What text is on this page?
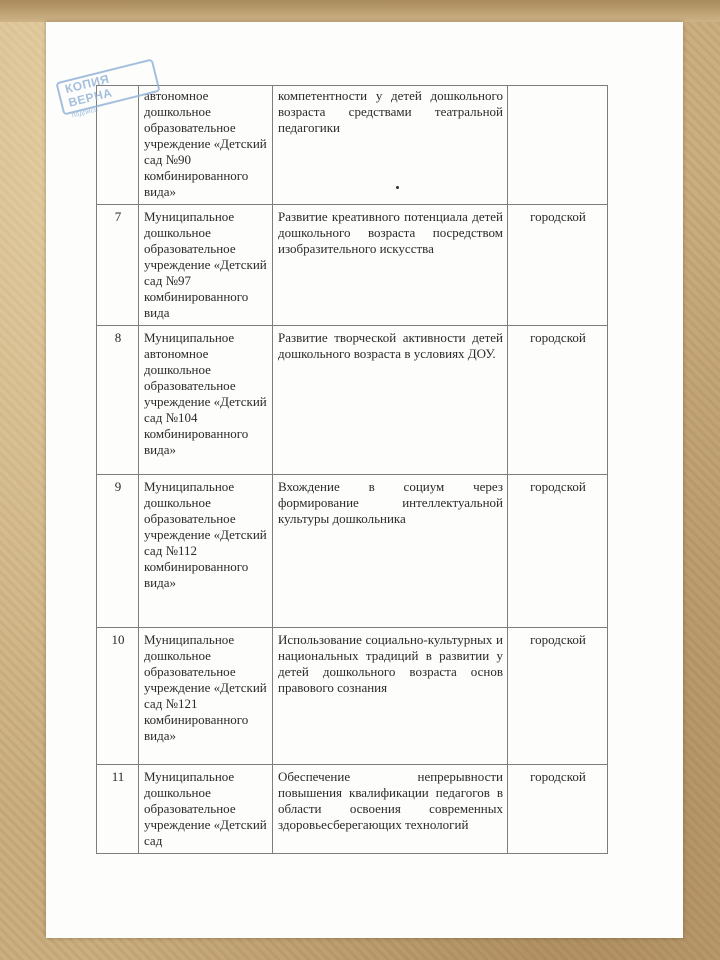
КОПИЯ ВЕРНА
подпись
	автономное дошкольное образовательное учреждение «Детский сад №90 комбинированного вида»	компетентности у детей дошкольного возраста средствами театральной педагогики	
7	Муниципальное дошкольное образовательное учреждение «Детский сад №97 комбинированного вида	Развитие креативного потенциала детей дошкольного возраста посредством изобразительного искусства	городской
8	Муниципальное автономное дошкольное образовательное учреждение «Детский сад №104 комбинированного вида»	Развитие творческой активности детей дошкольного возраста в условиях ДОУ.	городской
9	Муниципальное дошкольное образовательное учреждение «Детский сад №112 комбинированного вида»	Вхождение в социум через формирование интеллектуальной культуры дошкольника	городской
10	Муниципальное дошкольное образовательное учреждение «Детский сад №121 комбинированного вида»	Использование социально-культурных и национальных традиций в развитии у детей дошкольного возраста основ правового сознания	городской
11	Муниципальное дошкольное образовательное учреждение «Детский сад	Обеспечение непрерывности повышения квалификации педагогов в области освоения современных здоровьесберегающих технологий	городской
